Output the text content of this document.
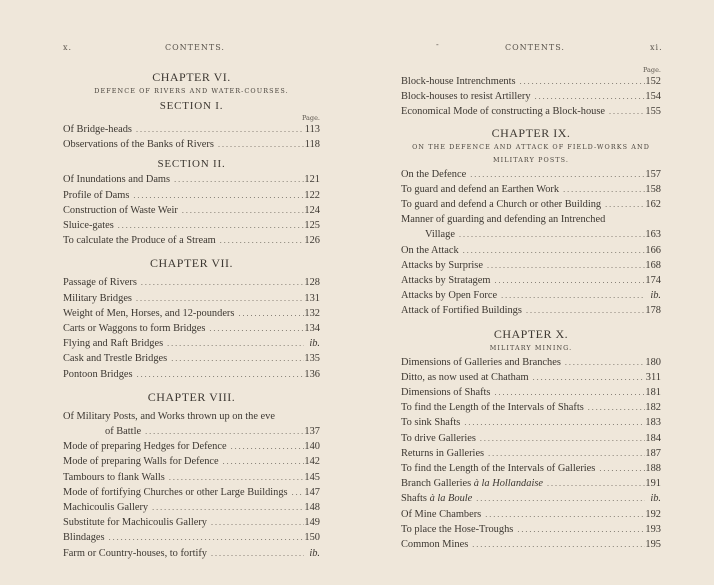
x.	CONTENTS.

CHAPTER VI.

DEFENCE OF RIVERS AND WATER-COURSES.

SECTION I.

Page.
Of Bridge-heads . . .	113
Observations of the Banks of Rivers . . .	118

SECTION II.

Of Inundations and Dams . . .	121
Profile of Dams . . .	122
Construction of Waste Weir . . .	124
Sluice-gates . . .	125
To calculate the Produce of a Stream . . .	126

CHAPTER VII.

Passage of Rivers . . .	128
Military Bridges . . .	131
Weight of Men, Horses, and 12-pounders . . .	132
Carts or Waggons to form Bridges . . .	134
Flying and Raft Bridges . . .	ib.
Cask and Trestle Bridges . . .	135
Pontoon Bridges . . .	136

CHAPTER VIII.

Of Military Posts, and Works thrown up on the eve
of Battle . . .	137
Mode of preparing Hedges for Defence . . .	140
Mode of preparing Walls for Defence . . .	142
Tambours to flank Walls . . .	145
Mode of fortifying Churches or other Large Buildings . . . 147
Machicoulis Gallery . . .	148
Substitute for Machicoulis Gallery . . .	149
Blindages . . .	150
Farm or Country-houses, to fortify . . .	ib.
-	CONTENTS.	xi.
Page.
Block-house Intrenchments . . .	152
Block-houses to resist Artillery . . .	154
Economical Mode of constructing a Block-house . . .	155

CHAPTER IX.

ON THE DEFENCE AND ATTACK OF FIELD-WORKS AND

MILITARY POSTS.

On the Defence . . .	157
To guard and defend an Earthen Work . . .	158
To guard and defend a Church or other Building . . .	162
Manner of guarding and defending an Intrenched
Village . . .	163
On the Attack . . .	166
Attacks by Surprise . . .	168
Attacks by Stratagem . . .	174
Attacks by Open Force . . .	ib.
Attack of Fortified Buildings . . .	178

CHAPTER X.

MILITARY MINING.

Dimensions of Galleries and Branches . . .	180
Ditto, as now used at Chatham . . .	311
Dimensions of Shafts . . .	181
To find the Length of the Intervals of Shafts . . .	182
To sink Shafts . . .	183
To drive Galleries . . .	184
Returns in Galleries . . .	187
To find the Length of the Intervals of Galleries . . .	188
Branch Galleries à la Hollandaise . . .	191
Shafts à la Boule . . .	ib.
Of Mine Chambers . . .	192
To place the Hose-Troughs . . .	193
Common Mines . . .	195
